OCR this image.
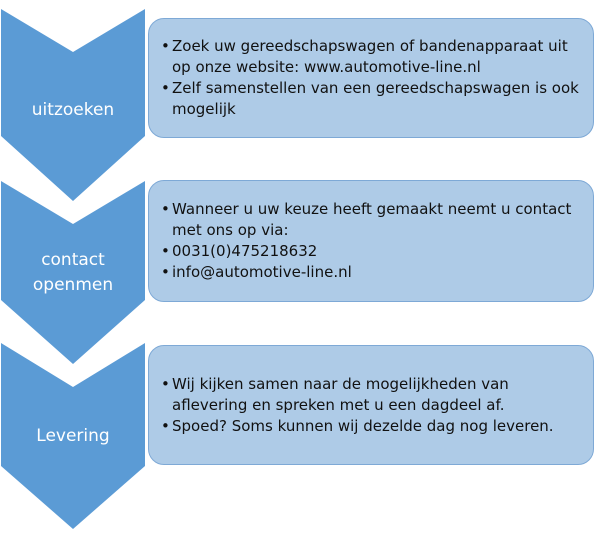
uitzoeken
• Zoek uw gereedschapswagen of bandenapparaat uit op onze website: www.automotive-line.nl
• Zelf samenstellen van een gereedschapswagen is ook mogelijk
contact
openmen
• Wanneer u uw keuze heeft gemaakt neemt u contact met ons op via:
• 0031(0)475218632
• info@automotive-line.nl
Levering
• Wij kijken samen naar de mogelijkheden van aflevering en spreken met u een dagdeel af.
• Spoed? Soms kunnen wij dezelde dag nog leveren.
